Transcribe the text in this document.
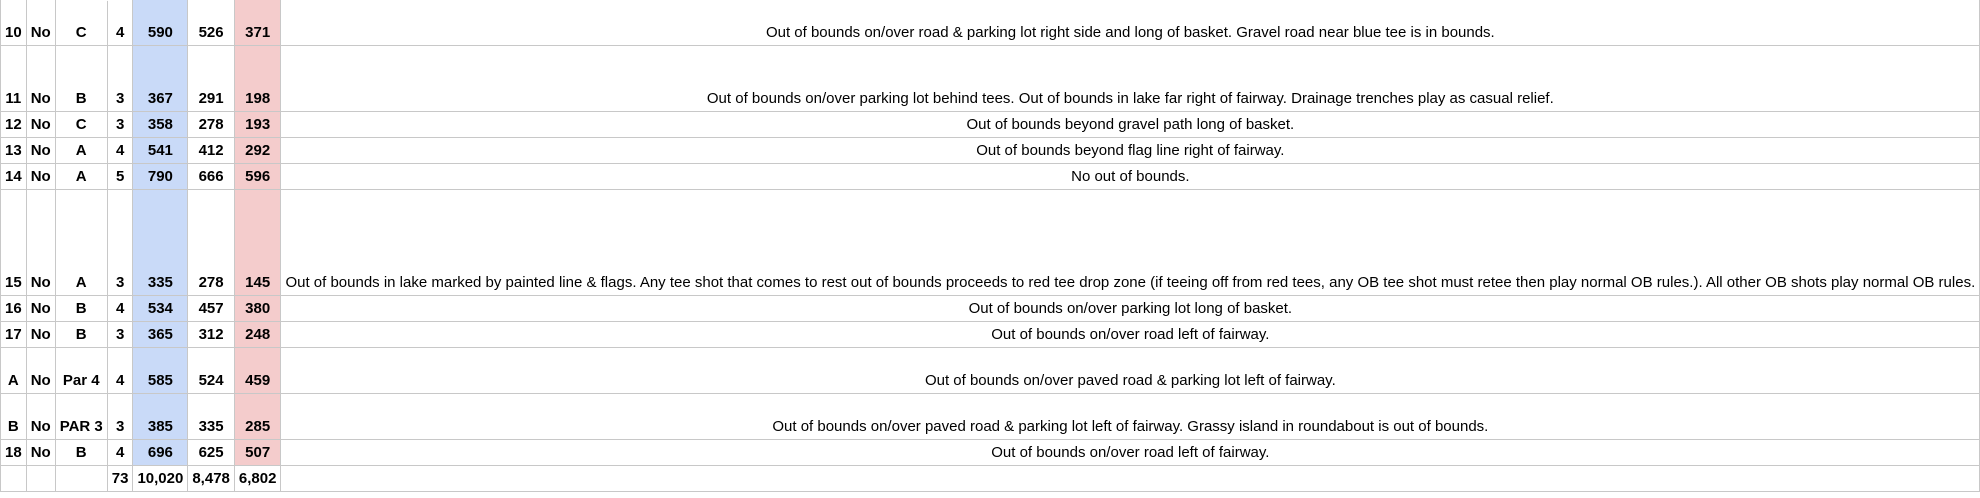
10	No	C	4	590	526	371	Out of bounds on/over road & parking lot right side and long of basket. Gravel road near blue tee is in bounds.
11	No	B	3	367	291	198	Out of bounds on/over parking lot behind tees. Out of bounds in lake far right of fairway. Drainage trenches play as casual relief.
12	No	C	3	358	278	193	Out of bounds beyond gravel path long of basket.
13	No	A	4	541	412	292	Out of bounds beyond flag line right of fairway.
14	No	A	5	790	666	596	No out of bounds.
15	No	A	3	335	278	145	Out of bounds in lake marked by painted line & flags. Any tee shot that comes to rest out of bounds proceeds to red tee drop zone (if teeing off from red tees, any OB tee shot must retee then play normal OB rules.). All other OB shots play normal OB rules.
16	No	B	4	534	457	380	Out of bounds on/over parking lot long of basket.
17	No	B	3	365	312	248	Out of bounds on/over road left of fairway.
A	No	Par 4	4	585	524	459	Out of bounds on/over paved road & parking lot left of fairway.
B	No	PAR 3	3	385	335	285	Out of bounds on/over paved road & parking lot left of fairway. Grassy island in roundabout is out of bounds.
18	No	B	4	696	625	507	Out of bounds on/over road left of fairway.
			73	10,020	8,478	6,802	
